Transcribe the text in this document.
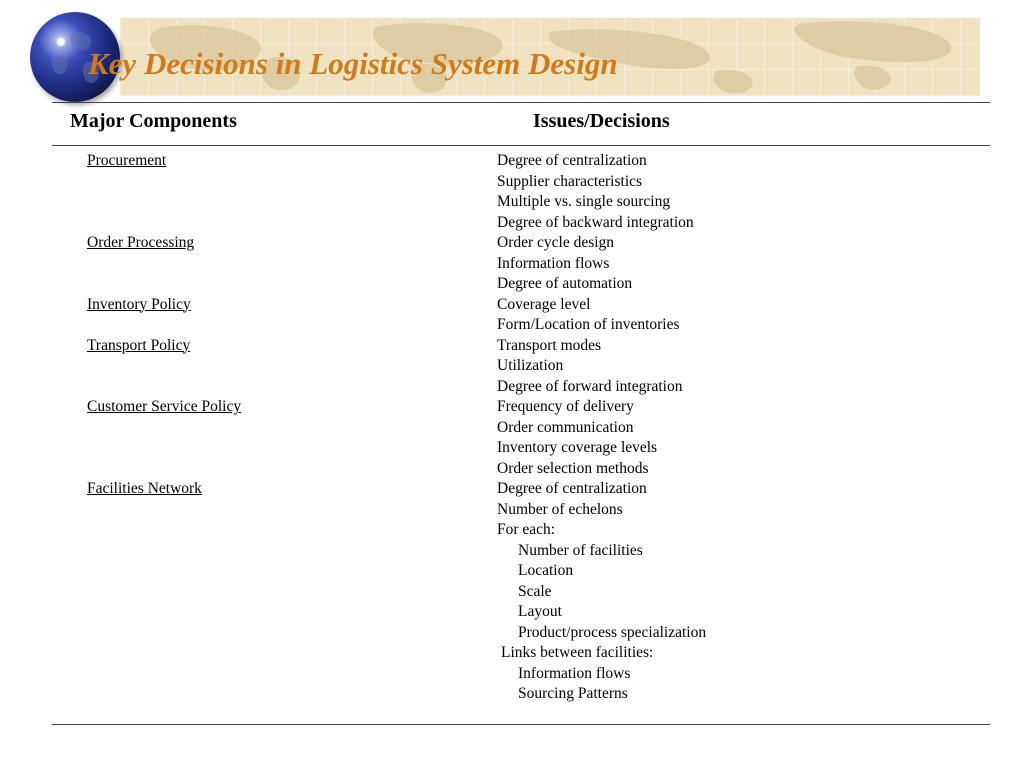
Key Decisions in Logistics System Design
Major Components	Issues/Decisions
Procurement	Degree of centralization
Supplier characteristics
Multiple vs. single sourcing
Degree of backward integration
Order Processing	Order cycle design
Information flows
Degree of automation
Inventory Policy	Coverage level
Form/Location of inventories
Transport Policy	Transport modes
Utilization
Degree of forward integration
Customer Service Policy	Frequency of delivery
Order communication
Inventory coverage levels
Order selection methods
Facilities Network	Degree of centralization
Number of echelons
For each:
Number of facilities
Location
Scale
Layout
Product/process specialization
Links between facilities:
Information flows
Sourcing Patterns
